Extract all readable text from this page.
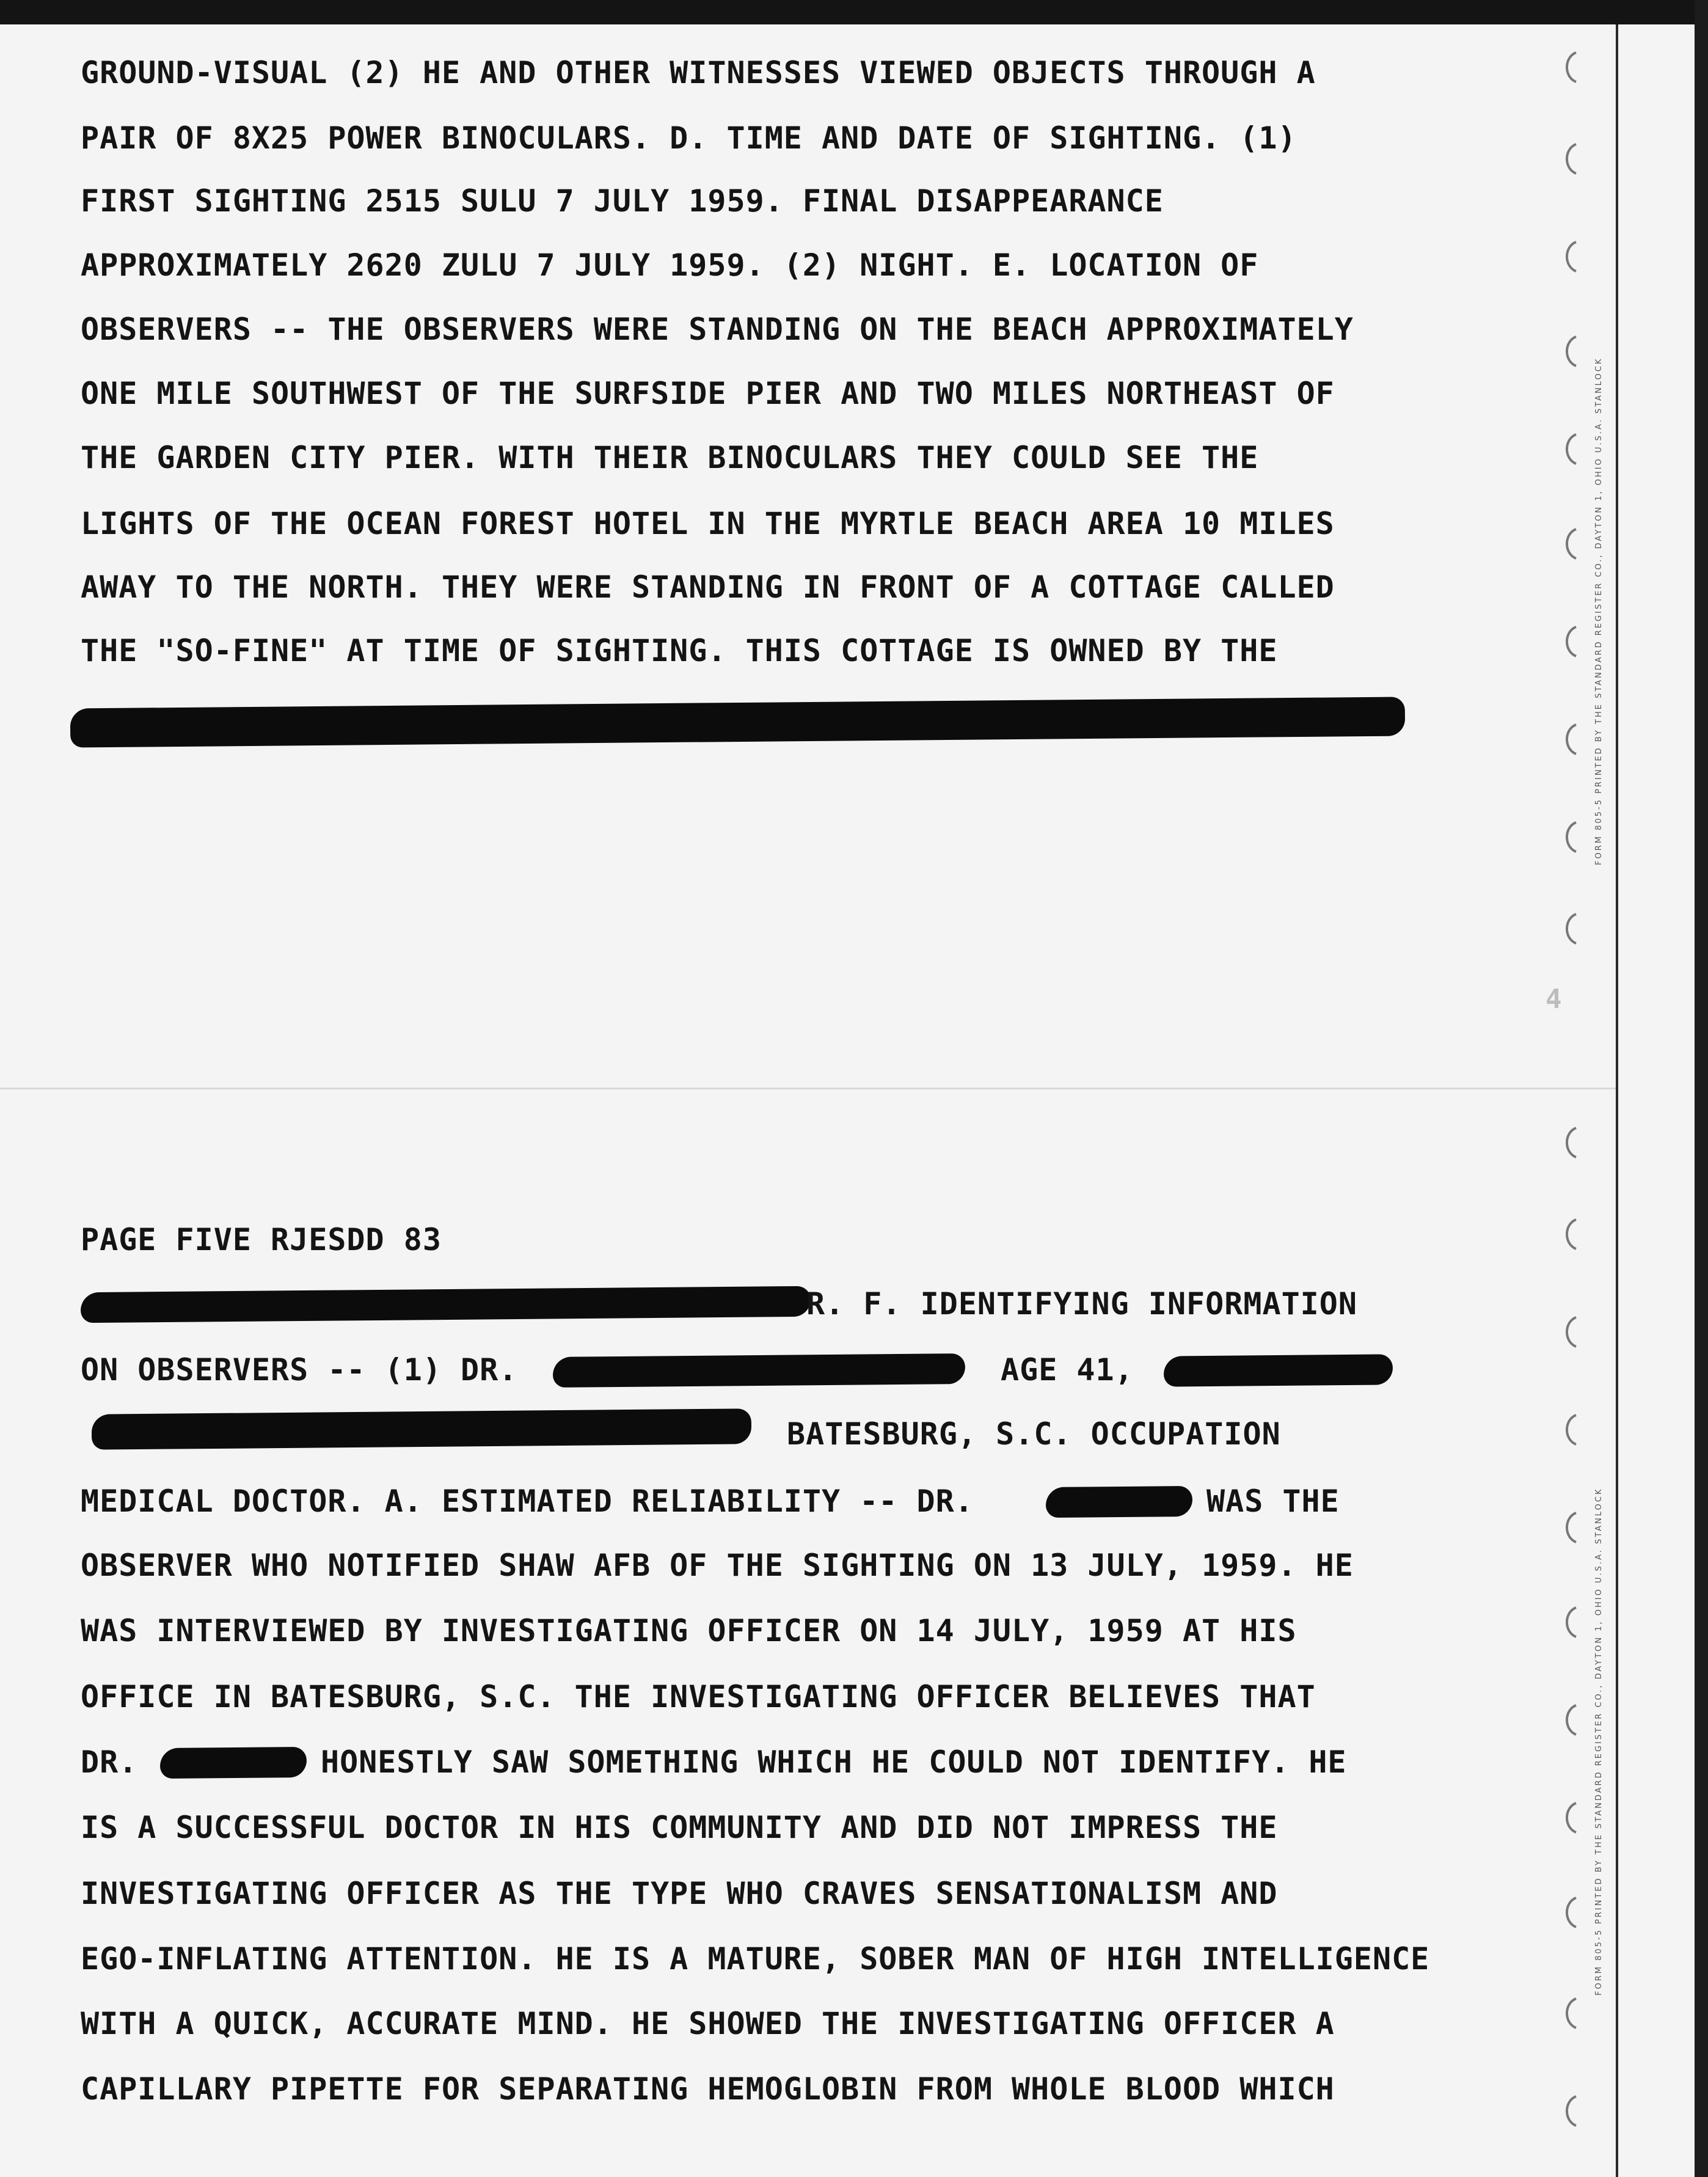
FORM 805-5 PRINTED BY THE STANDARD REGISTER CO., DAYTON 1, OHIO U.S.A. STANLOCK
FORM 805-5 PRINTED BY THE STANDARD REGISTER CO., DAYTON 1, OHIO U.S.A. STANLOCK
4
GROUND-VISUAL (2) HE AND OTHER WITNESSES VIEWED OBJECTS THROUGH A
PAIR OF 8X25 POWER BINOCULARS. D. TIME AND DATE OF SIGHTING. (1)
FIRST SIGHTING 2515 SULU 7 JULY 1959. FINAL DISAPPEARANCE
APPROXIMATELY 2620 ZULU 7 JULY 1959. (2) NIGHT. E. LOCATION OF
OBSERVERS -- THE OBSERVERS WERE STANDING ON THE BEACH APPROXIMATELY
ONE MILE SOUTHWEST OF THE SURFSIDE PIER AND TWO MILES NORTHEAST OF
THE GARDEN CITY PIER. WITH THEIR BINOCULARS THEY COULD SEE THE
LIGHTS OF THE OCEAN FOREST HOTEL IN THE MYRTLE BEACH AREA 10 MILES
AWAY TO THE NORTH. THEY WERE STANDING IN FRONT OF A COTTAGE CALLED
THE "SO-FINE" AT TIME OF SIGHTING. THIS COTTAGE IS OWNED BY THE
PAGE FIVE RJESDD 83
R. F. IDENTIFYING INFORMATION
ON OBSERVERS -- (1) DR.	AGE 41,
BATESBURG, S.C. OCCUPATION
MEDICAL DOCTOR. A. ESTIMATED RELIABILITY -- DR.	WAS THE
OBSERVER WHO NOTIFIED SHAW AFB OF THE SIGHTING ON 13 JULY, 1959. HE
WAS INTERVIEWED BY INVESTIGATING OFFICER ON 14 JULY, 1959 AT HIS
OFFICE IN BATESBURG, S.C. THE INVESTIGATING OFFICER BELIEVES THAT
DR.	HONESTLY SAW SOMETHING WHICH HE COULD NOT IDENTIFY. HE
IS A SUCCESSFUL DOCTOR IN HIS COMMUNITY AND DID NOT IMPRESS THE
INVESTIGATING OFFICER AS THE TYPE WHO CRAVES SENSATIONALISM AND
EGO-INFLATING ATTENTION. HE IS A MATURE, SOBER MAN OF HIGH INTELLIGENCE
WITH A QUICK, ACCURATE MIND. HE SHOWED THE INVESTIGATING OFFICER A
CAPILLARY PIPETTE FOR SEPARATING HEMOGLOBIN FROM WHOLE BLOOD WHICH
